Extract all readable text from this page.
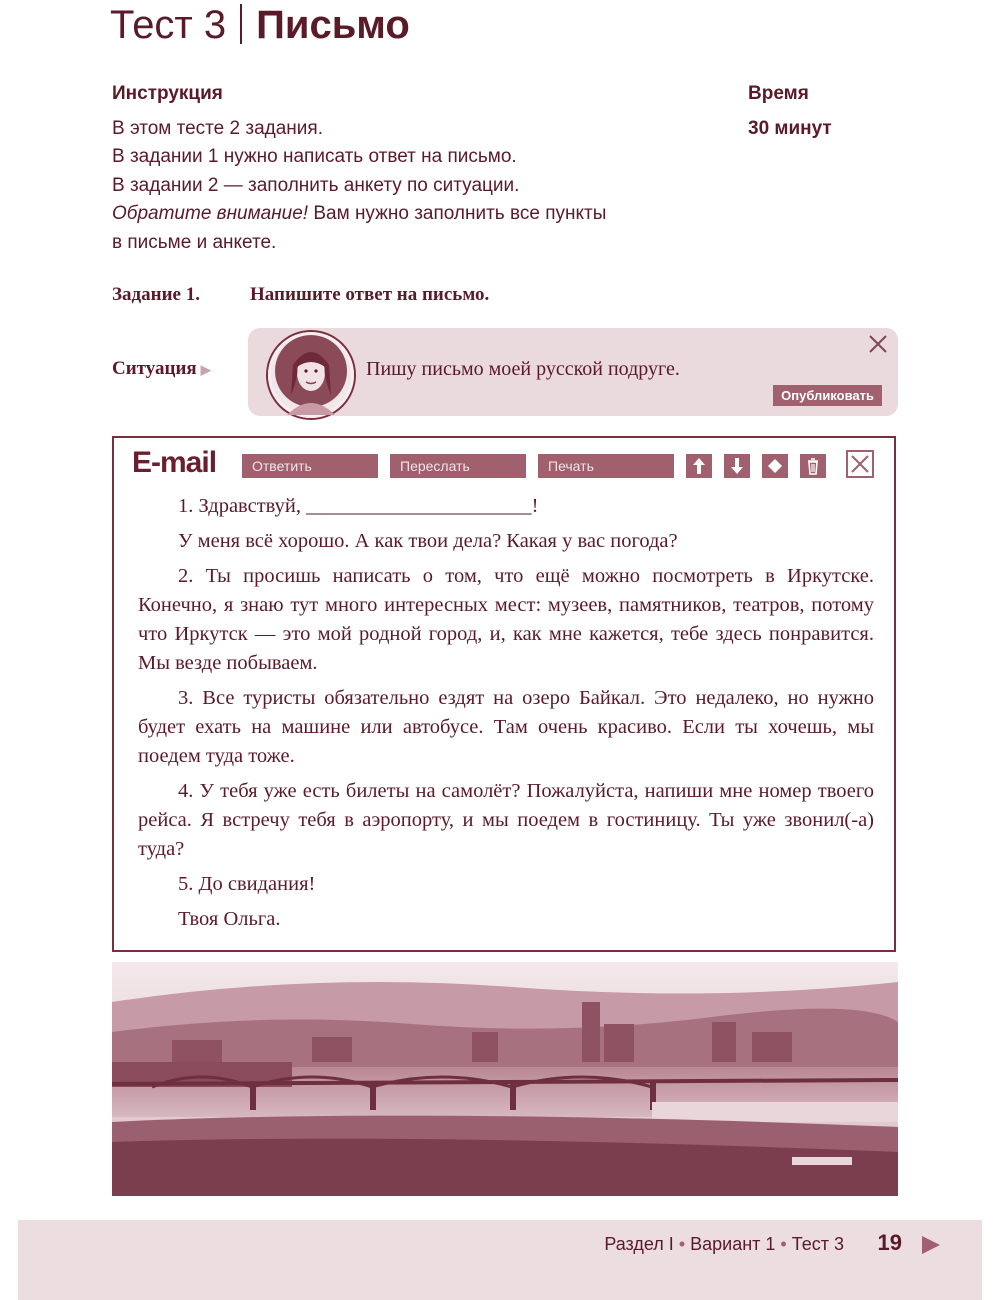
Тест 3 Письмо
Инструкция
В этом тесте 2 задания.
В задании 1 нужно написать ответ на письмо.
В задании 2 — заполнить анкету по ситуации.
Обратите внимание! Вам нужно заполнить все пункты
в письме и анкете.
Время
30 минут
Задание 1.	Напишите ответ на письмо.
Ситуация ▶	Пишу письмо моей русской подруге.
Опубликовать
E-mail	Ответить	Переслать	Печать

1. Здравствуй, ______________________!

У меня всё хорошо. А как твои дела? Какая у вас погода?

2. Ты просишь написать о том, что ещё можно посмотреть в Иркутске. Конечно, я знаю тут много интересных мест: музеев, памятников, театров, потому что Иркутск — это мой родной город, и, как мне кажется, тебе здесь понравится. Мы везде побываем.

3. Все туристы обязательно ездят на озеро Байкал. Это недалеко, но нужно будет ехать на машине или автобусе. Там очень красиво. Если ты хочешь, мы поедем туда тоже.

4. У тебя уже есть билеты на самолёт? Пожалуйста, напиши мне номер твоего рейса. Я встречу тебя в аэропорту, и мы поедем в гостиницу. Ты уже звонил(-а) туда?

5. До свидания!

Твоя Ольга.

Раздел I • Вариант 1 • Тест 3 19
